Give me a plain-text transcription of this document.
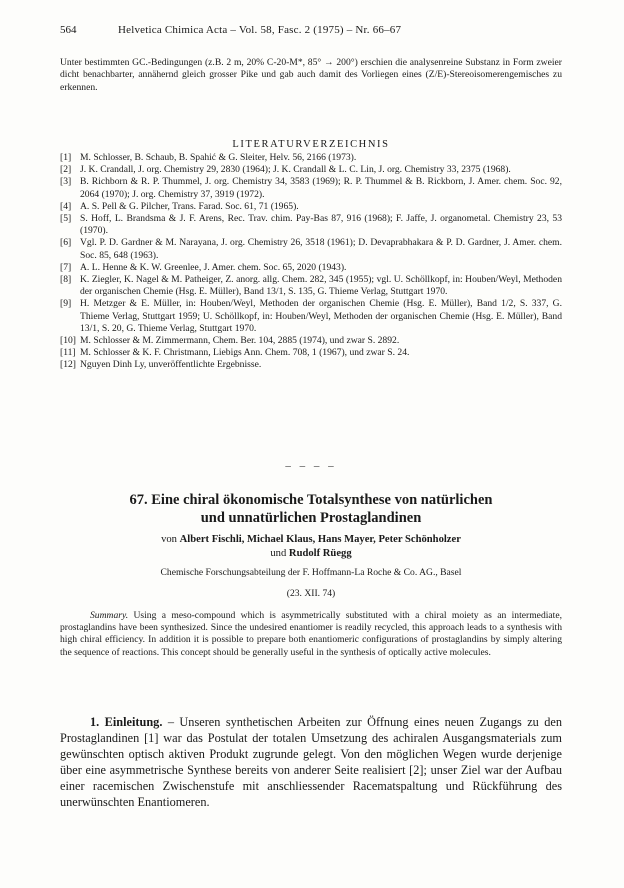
564	Helvetica Chimica Acta – Vol. 58, Fasc. 2 (1975) – Nr. 66–67

Unter bestimmten GC.-Bedingungen (z.B. 2 m, 20% C-20-M*, 85° → 200°) erschien die analysenreine Substanz in Form zweier dicht benachbarter, annähernd gleich grosser Pike und gab auch damit des Vorliegen eines (Z/E)-Stereoisomerengemisches zu erkennen.

LITERATURVERZEICHNIS
[1] M. Schlosser, B. Schaub, B. Spahić & G. Sleiter, Helv. 56, 2166 (1973).
[2] J. K. Crandall, J. org. Chemistry 29, 2830 (1964); J. K. Crandall & L. C. Lin, J. org. Chemistry 33, 2375 (1968).
[3] B. Richborn & R. P. Thummel, J. org. Chemistry 34, 3583 (1969); R. P. Thummel & B. Rickborn, J. Amer. chem. Soc. 92, 2064 (1970); J. org. Chemistry 37, 3919 (1972).
[4] A. S. Pell & G. Pilcher, Trans. Farad. Soc. 61, 71 (1965).
[5] S. Hoff, L. Brandsma & J. F. Arens, Rec. Trav. chim. Pay-Bas 87, 916 (1968); F. Jaffe, J. organometal. Chemistry 23, 53 (1970).
[6] Vgl. P. D. Gardner & M. Narayana, J. org. Chemistry 26, 3518 (1961); D. Devaprabhakara & P. D. Gardner, J. Amer. chem. Soc. 85, 648 (1963).
[7] A. L. Henne & K. W. Greenlee, J. Amer. chem. Soc. 65, 2020 (1943).
[8] K. Ziegler, K. Nagel & M. Patheiger, Z. anorg. allg. Chem. 282, 345 (1955); vgl. U. Schöllkopf, in: Houben/Weyl, Methoden der organischen Chemie (Hsg. E. Müller), Band 13/1, S. 135, G. Thieme Verlag, Stuttgart 1970.
[9] H. Metzger & E. Müller, in: Houben/Weyl, Methoden der organischen Chemie (Hsg. E. Müller), Band 1/2, S. 337, G. Thieme Verlag, Stuttgart 1959; U. Schöllkopf, in: Houben/Weyl, Methoden der organischen Chemie (Hsg. E. Müller), Band 13/1, S. 20, G. Thieme Verlag, Stuttgart 1970.
[10] M. Schlosser & M. Zimmermann, Chem. Ber. 104, 2885 (1974), und zwar S. 2892.
[11] M. Schlosser & K. F. Christmann, Liebigs Ann. Chem. 708, 1 (1967), und zwar S. 24.
[12] Nguyen Dinh Ly, unveröffentlichte Ergebnisse.
– – – –
67. Eine chiral ökonomische Totalsynthese von natürlichen
und unnatürlichen Prostaglandinen
von Albert Fischli, Michael Klaus, Hans Mayer, Peter Schönholzer
und Rudolf Rüegg
Chemische Forschungsabteilung der F. Hoffmann-La Roche & Co. AG., Basel
(23. XII. 74)

Summary. Using a meso-compound which is asymmetrically substituted with a chiral moiety as an intermediate, prostaglandins have been synthesized. Since the undesired enantiomer is readily recycled, this approach leads to a synthesis with high chiral efficiency. In addition it is possible to prepare both enantiomeric configurations of prostaglandins by simply altering the sequence of reactions. This concept should be generally useful in the synthesis of optically active molecules.

1. Einleitung. – Unseren synthetischen Arbeiten zur Öffnung eines neuen Zugangs zu den Prostaglandinen [1] war das Postulat der totalen Umsetzung des achiralen Ausgangsmaterials zum gewünschten optisch aktiven Produkt zugrunde gelegt. Von den möglichen Wegen wurde derjenige über eine asymmetrische Synthese bereits von anderer Seite realisiert [2]; unser Ziel war der Aufbau einer racemischen Zwischenstufe mit anschliessender Racematspaltung und Rückführung des unerwünschten Enantiomeren.
